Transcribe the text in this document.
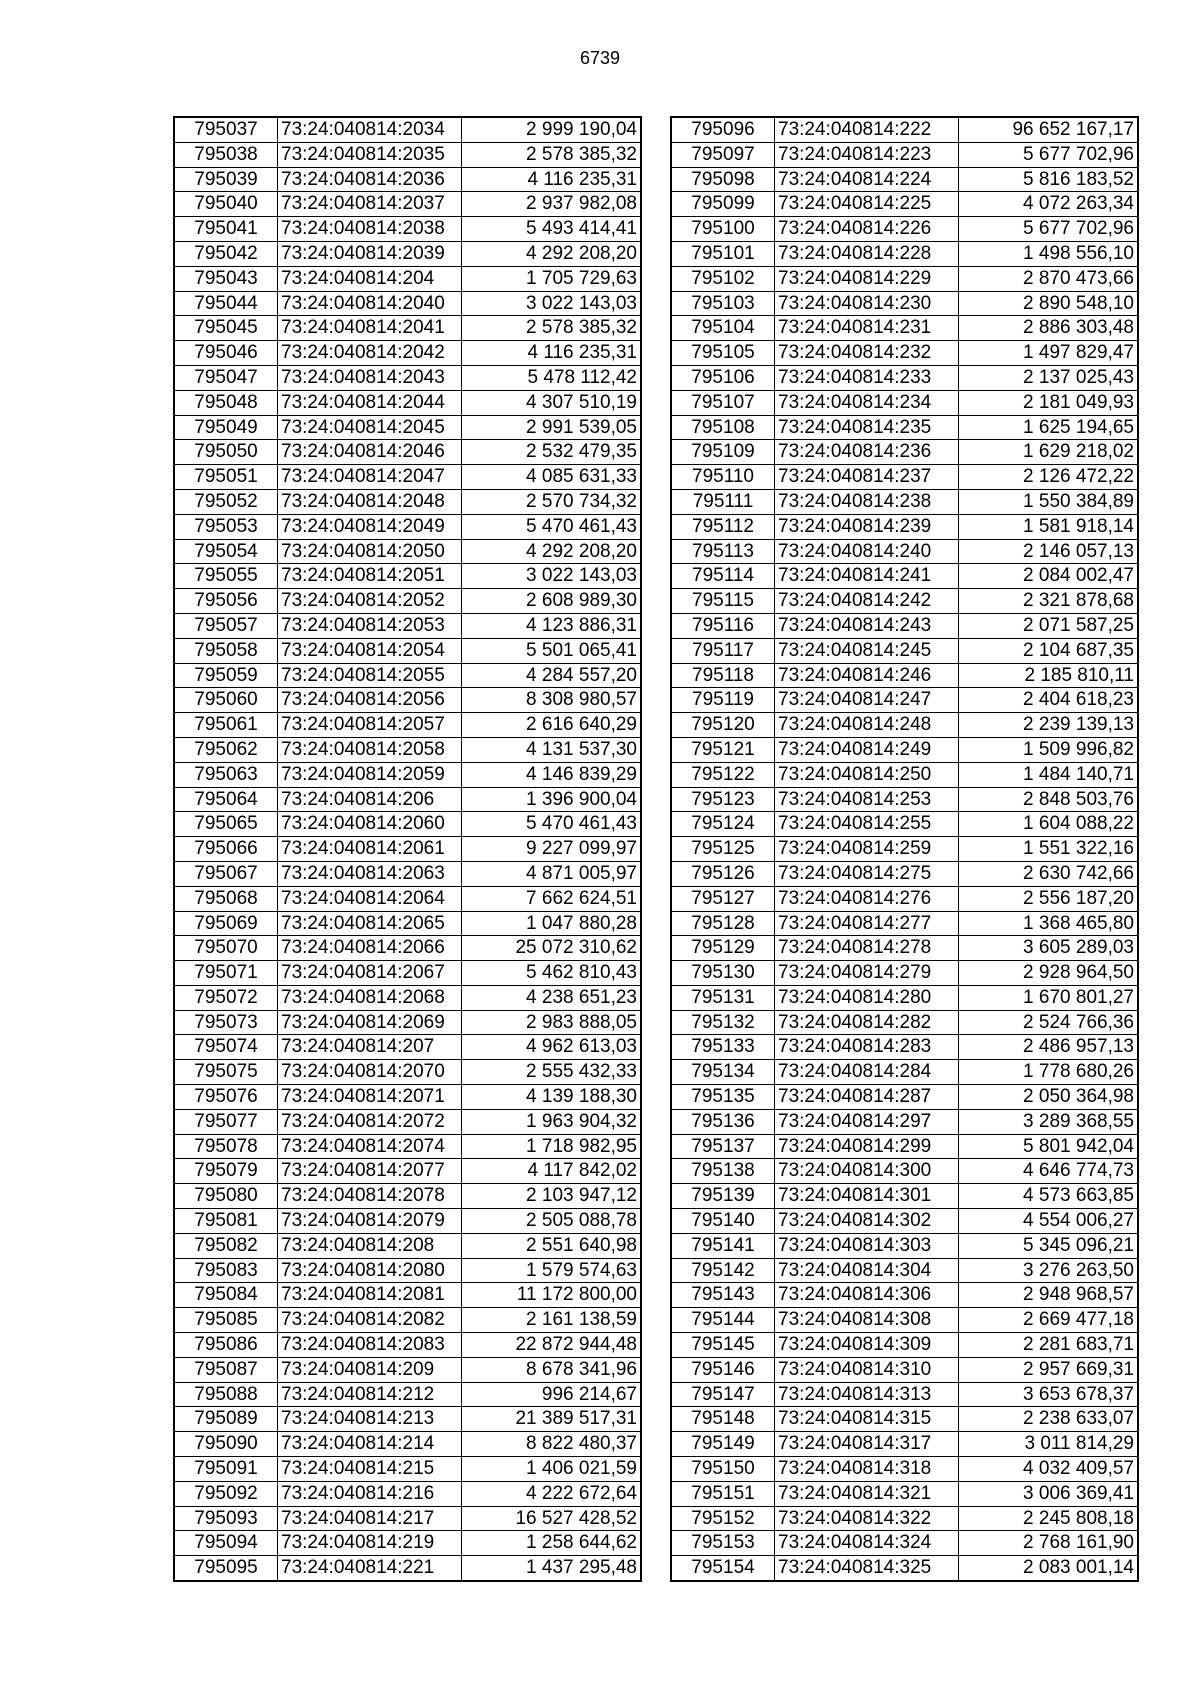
6739
795037	73:24:040814:2034	2 999 190,04
795038	73:24:040814:2035	2 578 385,32
795039	73:24:040814:2036	4 116 235,31
795040	73:24:040814:2037	2 937 982,08
795041	73:24:040814:2038	5 493 414,41
795042	73:24:040814:2039	4 292 208,20
795043	73:24:040814:204	1 705 729,63
795044	73:24:040814:2040	3 022 143,03
795045	73:24:040814:2041	2 578 385,32
795046	73:24:040814:2042	4 116 235,31
795047	73:24:040814:2043	5 478 112,42
795048	73:24:040814:2044	4 307 510,19
795049	73:24:040814:2045	2 991 539,05
795050	73:24:040814:2046	2 532 479,35
795051	73:24:040814:2047	4 085 631,33
795052	73:24:040814:2048	2 570 734,32
795053	73:24:040814:2049	5 470 461,43
795054	73:24:040814:2050	4 292 208,20
795055	73:24:040814:2051	3 022 143,03
795056	73:24:040814:2052	2 608 989,30
795057	73:24:040814:2053	4 123 886,31
795058	73:24:040814:2054	5 501 065,41
795059	73:24:040814:2055	4 284 557,20
795060	73:24:040814:2056	8 308 980,57
795061	73:24:040814:2057	2 616 640,29
795062	73:24:040814:2058	4 131 537,30
795063	73:24:040814:2059	4 146 839,29
795064	73:24:040814:206	1 396 900,04
795065	73:24:040814:2060	5 470 461,43
795066	73:24:040814:2061	9 227 099,97
795067	73:24:040814:2063	4 871 005,97
795068	73:24:040814:2064	7 662 624,51
795069	73:24:040814:2065	1 047 880,28
795070	73:24:040814:2066	25 072 310,62
795071	73:24:040814:2067	5 462 810,43
795072	73:24:040814:2068	4 238 651,23
795073	73:24:040814:2069	2 983 888,05
795074	73:24:040814:207	4 962 613,03
795075	73:24:040814:2070	2 555 432,33
795076	73:24:040814:2071	4 139 188,30
795077	73:24:040814:2072	1 963 904,32
795078	73:24:040814:2074	1 718 982,95
795079	73:24:040814:2077	4 117 842,02
795080	73:24:040814:2078	2 103 947,12
795081	73:24:040814:2079	2 505 088,78
795082	73:24:040814:208	2 551 640,98
795083	73:24:040814:2080	1 579 574,63
795084	73:24:040814:2081	11 172 800,00
795085	73:24:040814:2082	2 161 138,59
795086	73:24:040814:2083	22 872 944,48
795087	73:24:040814:209	8 678 341,96
795088	73:24:040814:212	996 214,67
795089	73:24:040814:213	21 389 517,31
795090	73:24:040814:214	8 822 480,37
795091	73:24:040814:215	1 406 021,59
795092	73:24:040814:216	4 222 672,64
795093	73:24:040814:217	16 527 428,52
795094	73:24:040814:219	1 258 644,62
795095	73:24:040814:221	1 437 295,48
795096	73:24:040814:222	96 652 167,17
795097	73:24:040814:223	5 677 702,96
795098	73:24:040814:224	5 816 183,52
795099	73:24:040814:225	4 072 263,34
795100	73:24:040814:226	5 677 702,96
795101	73:24:040814:228	1 498 556,10
795102	73:24:040814:229	2 870 473,66
795103	73:24:040814:230	2 890 548,10
795104	73:24:040814:231	2 886 303,48
795105	73:24:040814:232	1 497 829,47
795106	73:24:040814:233	2 137 025,43
795107	73:24:040814:234	2 181 049,93
795108	73:24:040814:235	1 625 194,65
795109	73:24:040814:236	1 629 218,02
795110	73:24:040814:237	2 126 472,22
795111	73:24:040814:238	1 550 384,89
795112	73:24:040814:239	1 581 918,14
795113	73:24:040814:240	2 146 057,13
795114	73:24:040814:241	2 084 002,47
795115	73:24:040814:242	2 321 878,68
795116	73:24:040814:243	2 071 587,25
795117	73:24:040814:245	2 104 687,35
795118	73:24:040814:246	2 185 810,11
795119	73:24:040814:247	2 404 618,23
795120	73:24:040814:248	2 239 139,13
795121	73:24:040814:249	1 509 996,82
795122	73:24:040814:250	1 484 140,71
795123	73:24:040814:253	2 848 503,76
795124	73:24:040814:255	1 604 088,22
795125	73:24:040814:259	1 551 322,16
795126	73:24:040814:275	2 630 742,66
795127	73:24:040814:276	2 556 187,20
795128	73:24:040814:277	1 368 465,80
795129	73:24:040814:278	3 605 289,03
795130	73:24:040814:279	2 928 964,50
795131	73:24:040814:280	1 670 801,27
795132	73:24:040814:282	2 524 766,36
795133	73:24:040814:283	2 486 957,13
795134	73:24:040814:284	1 778 680,26
795135	73:24:040814:287	2 050 364,98
795136	73:24:040814:297	3 289 368,55
795137	73:24:040814:299	5 801 942,04
795138	73:24:040814:300	4 646 774,73
795139	73:24:040814:301	4 573 663,85
795140	73:24:040814:302	4 554 006,27
795141	73:24:040814:303	5 345 096,21
795142	73:24:040814:304	3 276 263,50
795143	73:24:040814:306	2 948 968,57
795144	73:24:040814:308	2 669 477,18
795145	73:24:040814:309	2 281 683,71
795146	73:24:040814:310	2 957 669,31
795147	73:24:040814:313	3 653 678,37
795148	73:24:040814:315	2 238 633,07
795149	73:24:040814:317	3 011 814,29
795150	73:24:040814:318	4 032 409,57
795151	73:24:040814:321	3 006 369,41
795152	73:24:040814:322	2 245 808,18
795153	73:24:040814:324	2 768 161,90
795154	73:24:040814:325	2 083 001,14
